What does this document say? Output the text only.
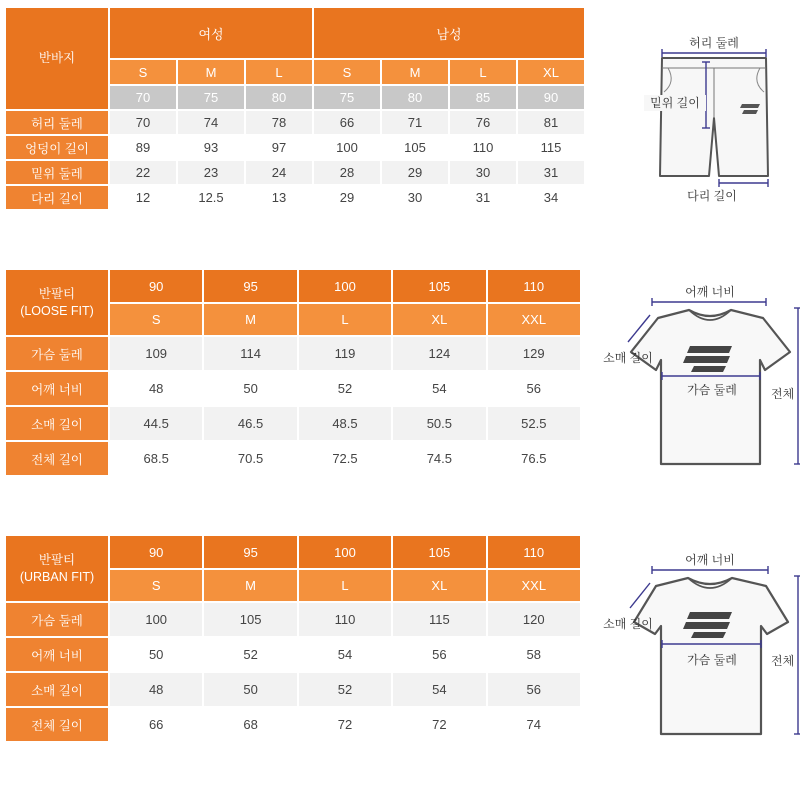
반바지	여성			남성			
	S	M	L	S	M	L	XL
	70	75	80	75	80	85	90
허리 둘레	70	74	78	66	71	76	81
엉덩이 길이	89	93	97	100	105	110	115
밑위 둘레	22	23	24	28	29	30	31
다리 길이	12	12.5	13	29	30	31	34
반팔티
(LOOSE FIT)	90	95	100	105	110
	S	M	L	XL	XXL
가슴 둘레	109	114	119	124	129
어깨 너비	48	50	52	54	56
소매 길이	44.5	46.5	48.5	50.5	52.5
전체 길이	68.5	70.5	72.5	74.5	76.5
반팔티
(URBAN FIT)	90	95	100	105	110
	S	M	L	XL	XXL
가슴 둘레	100	105	110	115	120
어깨 너비	50	52	54	56	58
소매 길이	48	50	52	54	56
전체 길이	66	68	72	72	74
허리 둘레
밑위 길이
다리 길이
어깨 너비
소매 길이
가슴 둘레	전체
어깨 너비
소매 길이
가슴 둘레	전체
